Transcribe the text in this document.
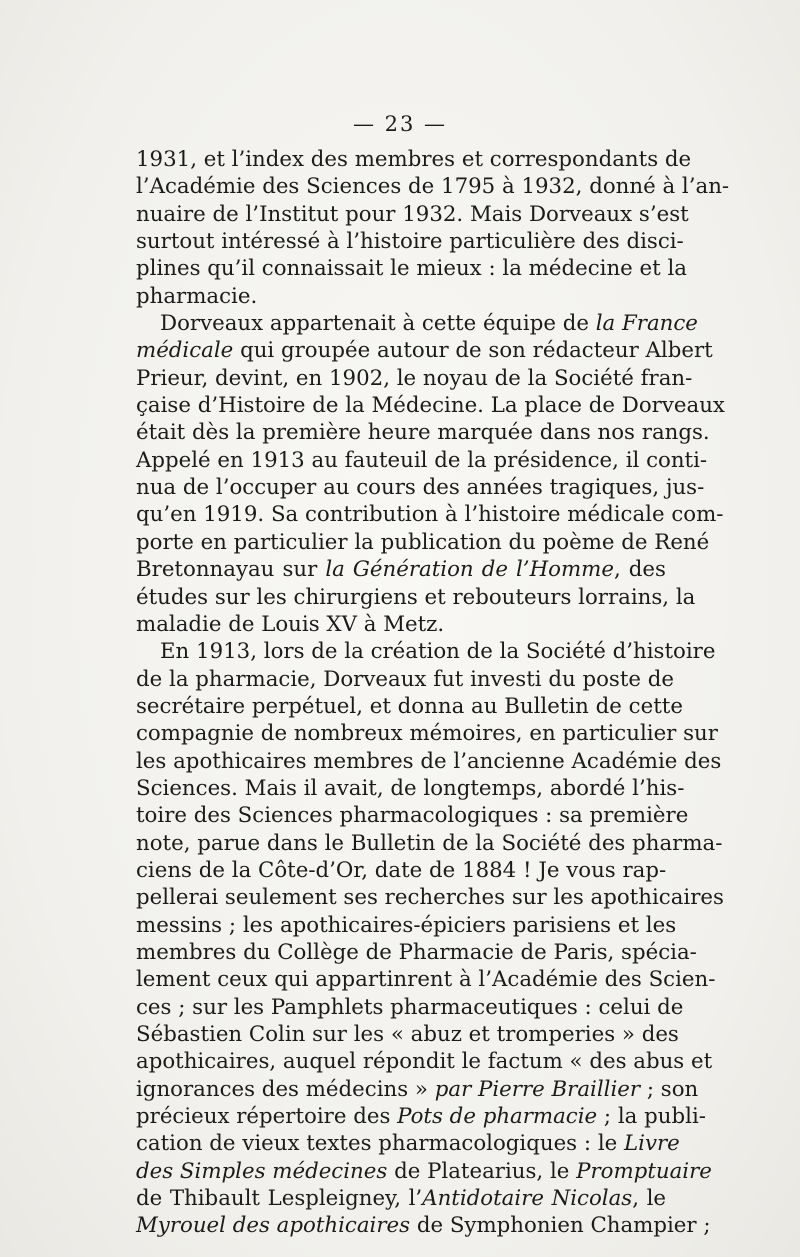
— 23 —
1931, et l’index des membres et correspondants de
l’Académie des Sciences de 1795 à 1932, donné à l’an-
nuaire de l’Institut pour 1932. Mais Dorveaux s’est
surtout intéressé à l’histoire particulière des disci-
plines qu’il connaissait le mieux : la médecine et la
pharmacie.
Dorveaux appartenait à cette équipe de la France
médicale qui groupée autour de son rédacteur Albert
Prieur, devint, en 1902, le noyau de la Société fran-
çaise d’Histoire de la Médecine. La place de Dorveaux
était dès la première heure marquée dans nos rangs.
Appelé en 1913 au fauteuil de la présidence, il conti-
nua de l’occuper au cours des années tragiques, jus-
qu’en 1919. Sa contribution à l’histoire médicale com-
porte en particulier la publication du poème de René
Bretonnayau sur la Génération de l’Homme, des
études sur les chirurgiens et rebouteurs lorrains, la
maladie de Louis XV à Metz.
En 1913, lors de la création de la Société d’histoire
de la pharmacie, Dorveaux fut investi du poste de
secrétaire perpétuel, et donna au Bulletin de cette
compagnie de nombreux mémoires, en particulier sur
les apothicaires membres de l’ancienne Académie des
Sciences. Mais il avait, de longtemps, abordé l’his-
toire des Sciences pharmacologiques : sa première
note, parue dans le Bulletin de la Société des pharma-
ciens de la Côte-d’Or, date de 1884 ! Je vous rap-
pellerai seulement ses recherches sur les apothicaires
messins ; les apothicaires-épiciers parisiens et les
membres du Collège de Pharmacie de Paris, spécia-
lement ceux qui appartinrent à l’Académie des Scien-
ces ; sur les Pamphlets pharmaceutiques : celui de
Sébastien Colin sur les « abuz et tromperies » des
apothicaires, auquel répondit le factum « des abus et
ignorances des médecins » par Pierre Braillier ; son
précieux répertoire des Pots de pharmacie ; la publi-
cation de vieux textes pharmacologiques : le Livre
des Simples médecines de Platearius, le Promptuaire
de Thibault Lespleigney, l’Antidotaire Nicolas, le
Myrouel des apothicaires de Symphonien Champier ;
